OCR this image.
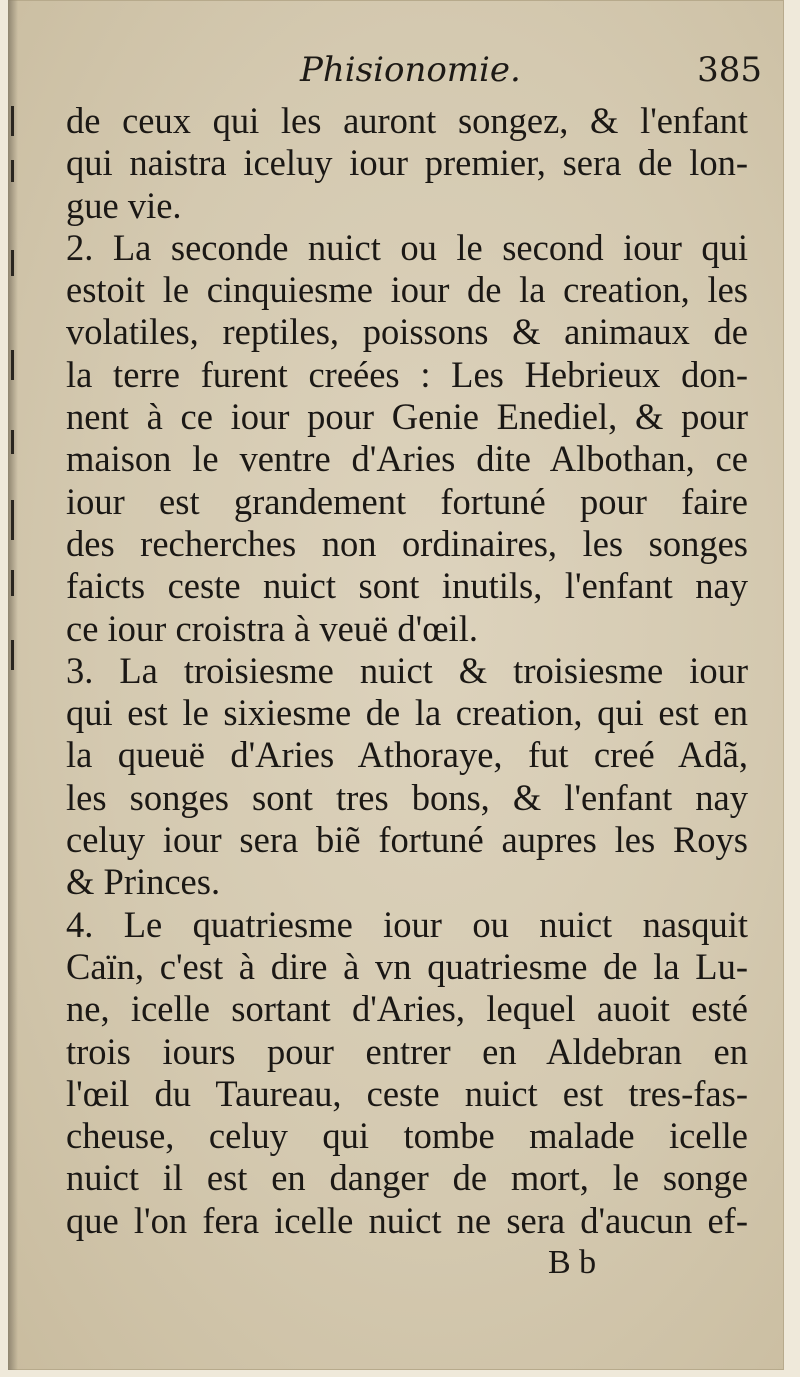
Phisionomie.	385
de ceux qui les auront songez, & l'enfant
qui naistra iceluy iour premier, sera de lon-
gue vie.
2. La seconde nuict ou le second iour qui
estoit le cinquiesme iour de la creation, les
volatiles, reptiles, poissons & animaux de
la terre furent creées : Les Hebrieux don-
nent à ce iour pour Genie Enediel, & pour
maison le ventre d'Aries dite Albothan, ce
iour est grandement fortuné pour faire
des recherches non ordinaires, les songes
faicts ceste nuict sont inutils, l'enfant nay
ce iour croistra à veuë d'œil.
3. La troisiesme nuict & troisiesme iour
qui est le sixiesme de la creation, qui est en
la queuë d'Aries Athoraye, fut creé Adã,
les songes sont tres bons, & l'enfant nay
celuy iour sera biẽ fortuné aupres les Roys
& Princes.
4. Le quatriesme iour ou nuict nasquit
Caïn, c'est à dire à vn quatriesme de la Lu-
ne, icelle sortant d'Aries, lequel auoit esté
trois iours pour entrer en Aldebran en
l'œil du Taureau, ceste nuict est tres-fas-
cheuse, celuy qui tombe malade icelle
nuict il est en danger de mort, le songe
que l'on fera icelle nuict ne sera d'aucun ef-
B b
